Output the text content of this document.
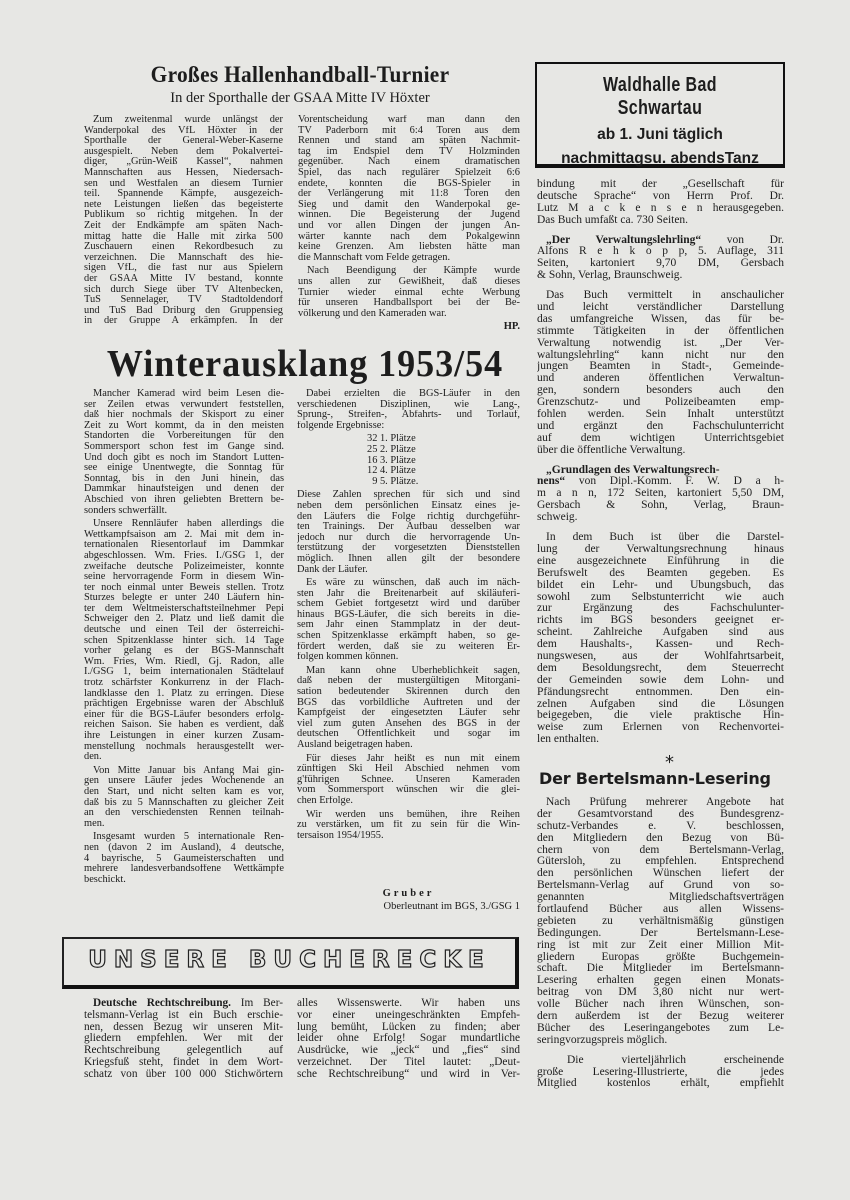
Großes Hallenhandball-Turnier
In der Sporthalle der GSAA Mitte IV Höxter
Zum zweitenmal wurde unlängst der
Wanderpokal des VfL Höxter in der
Sporthalle der General-Weber-Kaserne
ausgespielt. Neben dem Pokalvertei-
diger, „Grün-Weiß Kassel“, nahmen
Mannschaften aus Hessen, Niedersach-
sen und Westfalen an diesem Turnier
teil. Spannende Kämpfe, ausgezeich-
nete Leistungen ließen das begeisterte
Publikum so richtig mitgehen. In der
Zeit der Endkämpfe am späten Nach-
mittag hatte die Halle mit zirka 500
Zuschauern einen Rekordbesuch zu
verzeichnen. Die Mannschaft des hie-
sigen VfL, die fast nur aus Spielern
der GSAA Mitte IV bestand, konnte
sich durch Siege über TV Altenbecken,
TuS Sennelager, TV Stadtoldendorf
und TuS Bad Driburg den Gruppensieg
in der Gruppe A erkämpfen. In der
Vorentscheidung warf man dann den
TV Paderborn mit 6:4 Toren aus dem
Rennen und stand am späten Nachmit-
tag im Endspiel dem TV Holzminden
gegenüber. Nach einem dramatischen
Spiel, das nach regulärer Spielzeit 6:6
endete, konnten die BGS-Spieler in
der Verlängerung mit 11:8 Toren den
Sieg und damit den Wanderpokal ge-
winnen. Die Begeisterung der Jugend
und vor allen Dingen der jungen An-
wärter kannte nach dem Pokalgewinn
keine Grenzen. Am liebsten hätte man
die Mannschaft vom Felde getragen.
Nach Beendigung der Kämpfe wurde
uns allen zur Gewißheit, daß dieses
Turnier wieder einmal echte Werbung
für unseren Handballsport bei der Be-
völkerung und den Kameraden war.
HP.
Waldhalle Bad Schwartau
ab 1. Juni täglich
nachmittagsu. abendsTanz
Winterausklang 1953/54
Mancher Kamerad wird beim Lesen die-
ser Zeilen etwas verwundert feststellen,
daß hier nochmals der Skisport zu einer
Zeit zu Wort kommt, da in den meisten
Standorten die Vorbereitungen für den
Sommersport schon fest im Gange sind.
Und doch gibt es noch im Standort Lutten-
see einige Unentwegte, die Sonntag für
Sonntag, bis in den Juni hinein, das
Dammkar hinaufsteigen und denen der
Abschied von ihren geliebten Brettern be-
sonders schwerfällt.
Unsere Rennläufer haben allerdings die
Wettkampfsaison am 2. Mai mit dem in-
ternationalen Riesentorlauf im Dammkar
abgeschlossen. Wm. Fries. I./GSG 1, der
zweifache deutsche Polizeimeister, konnte
seine hervorragende Form in diesem Win-
ter noch einmal unter Beweis stellen. Trotz
Sturzes belegte er unter 240 Läufern hin-
ter dem Weltmeisterschaftsteilnehmer Pepi
Schweiger den 2. Platz und ließ damit die
deutsche und einen Teil der österreichi-
schen Spitzenklasse hinter sich. 14 Tage
vorher gelang es der BGS-Mannschaft
Wm. Fries, Wm. Riedl, Gj. Radon, alle
I./GSG 1, beim internationalen Städtelauf
trotz schärfster Konkurrenz in der Flach-
landklasse den 1. Platz zu erringen. Diese
prächtigen Ergebnisse waren der Abschluß
einer für die BGS-Läufer besonders erfolg-
reichen Saison. Sie haben es verdient, daß
ihre Leistungen in einer kurzen Zusam-
menstellung nochmals herausgestellt wer-
den.
Von Mitte Januar bis Anfang Mai gin-
gen unsere Läufer jedes Wochenende an
den Start, und nicht selten kam es vor,
daß bis zu 5 Mannschaften zu gleicher Zeit
an den verschiedensten Rennen teilnah-
men.
Insgesamt wurden 5 internationale Ren-
nen (davon 2 im Ausland), 4 deutsche,
4 bayrische, 5 Gaumeisterschaften und
mehrere landesverbandsoffene Wettkämpfe
beschickt.
Dabei erzielten die BGS-Läufer in den
verschiedenen Disziplinen, wie Lang-,
Sprung-, Streifen-, Abfahrts- und Torlauf,
folgende Ergebnisse:
32 1. Plätze
25 2. Plätze
16 3. Plätze
12 4. Plätze
9 5. Plätze.
Diese Zahlen sprechen für sich und sind
neben dem persönlichen Einsatz eines je-
den Läufers die Folge richtig durchgeführ-
ten Trainings. Der Aufbau desselben war
jedoch nur durch die hervorragende Un-
terstützung der vorgesetzten Dienststellen
möglich. Ihnen allen gilt der besondere
Dank der Läufer.
Es wäre zu wünschen, daß auch im näch-
sten Jahr die Breitenarbeit auf skiläuferi-
schem Gebiet fortgesetzt wird und darüber
hinaus BGS-Läufer, die sich bereits in die-
sem Jahr einen Stammplatz in der deut-
schen Spitzenklasse erkämpft haben, so ge-
fördert werden, daß sie zu weiteren Er-
folgen kommen können.
Man kann ohne Überheblichkeit sagen,
daß neben der mustergültigen Mitorgani-
sation bedeutender Skirennen durch den
BGS das vorbildliche Auftreten und der
Kampfgeist der eingesetzten Läufer sehr
viel zum guten Ansehen des BGS in der
deutschen Öffentlichkeit und sogar im
Ausland beigetragen haben.
Für dieses Jahr heißt es nun mit einem
zünftigen Ski Heil Abschied nehmen vom
g'führigen Schnee. Unseren Kameraden
vom Sommersport wünschen wir die glei-
chen Erfolge.
Wir werden uns bemühen, ihre Reihen
zu verstärken, um fit zu sein für die Win-
tersaison 1954/1955.
Gruber
Oberleutnant im BGS, 3./GSG 1
UNSERE BUCHERECKE
Deutsche Rechtschreibung. Im Ber-
telsmann-Verlag ist ein Buch erschie-
nen, dessen Bezug wir unseren Mit-
gliedern empfehlen. Wer mit der
Rechtschreibung gelegentlich auf
Kriegsfuß steht, findet in dem Wort-
schatz von über 100 000 Stichwörtern
alles Wissenswerte. Wir haben uns
vor einer uneingeschränkten Empfeh-
lung bemüht, Lücken zu finden; aber
leider ohne Erfolg! Sogar mundartliche
Ausdrücke, wie „jeck“ und „fies“ sind
verzeichnet. Der Titel lautet: „Deut-
sche Rechtschreibung“ und wird in Ver-
bindung mit der „Gesellschaft für
deutsche Sprache“ von Herrn Prof. Dr.
Lutz M a c k e n s e n herausgegeben.
Das Buch umfaßt ca. 730 Seiten.
„Der Verwaltungslehrling“ von Dr.
Alfons R e h k o p p, 5. Auflage, 311
Seiten, kartoniert 9,70 DM, Gersbach
& Sohn, Verlag, Braunschweig.
Das Buch vermittelt in anschaulicher
und leicht verständlicher Darstellung
das umfangreiche Wissen, das für be-
stimmte Tätigkeiten in der öffentlichen
Verwaltung notwendig ist. „Der Ver-
waltungslehrling“ kann nicht nur den
jungen Beamten in Stadt-, Gemeinde-
und anderen öffentlichen Verwaltun-
gen, sondern besonders auch den
Grenzschutz- und Polizeibeamten emp-
fohlen werden. Sein Inhalt unterstützt
und ergänzt den Fachschulunterricht
auf dem wichtigen Unterrichtsgebiet
über die öffentliche Verwaltung.
„Grundlagen des Verwaltungsrech-
nens“ von Dipl.-Komm. F. W. D a h-
m a n n, 172 Seiten, kartoniert 5,50 DM,
Gersbach & Sohn, Verlag, Braun-
schweig.
In dem Buch ist über die Darstel-
lung der Verwaltungsrechnung hinaus
eine ausgezeichnete Einführung in die
Berufswelt des Beamten gegeben. Es
bildet ein Lehr- und Übungsbuch, das
sowohl zum Selbstunterricht wie auch
zur Ergänzung des Fachschulunter-
richts im BGS besonders geeignet er-
scheint. Zahlreiche Aufgaben sind aus
dem Haushalts-, Kassen- und Rech-
nungswesen, aus der Wohlfahrtsarbeit,
dem Besoldungsrecht, dem Steuerrecht
der Gemeinden sowie dem Lohn- und
Pfändungsrecht entnommen. Den ein-
zelnen Aufgaben sind die Lösungen
beigegeben, die viele praktische Hin-
weise zum Erlernen von Rechenvortei-
len enthalten.
*
Der Bertelsmann-Lesering
Nach Prüfung mehrerer Angebote hat
der Gesamtvorstand des Bundesgrenz-
schutz-Verbandes e. V. beschlossen,
den Mitgliedern den Bezug von Bü-
chern von dem Bertelsmann-Verlag,
Gütersloh, zu empfehlen. Entsprechend
den persönlichen Wünschen liefert der
Bertelsmann-Verlag auf Grund von so-
genannten Mitgliedschaftsverträgen
fortlaufend Bücher aus allen Wissens-
gebieten zu verhältnismäßig günstigen
Bedingungen. Der Bertelsmann-Lese-
ring ist mit zur Zeit einer Million Mit-
gliedern Europas größte Buchgemein-
schaft. Die Mitglieder im Bertelsmann-
Lesering erhalten gegen einen Monats-
beitrag von DM 3,80 nicht nur wert-
volle Bücher nach ihren Wünschen, son-
dern außerdem ist der Bezug weiterer
Bücher des Leseringangebotes zum Le-
seringvorzugspreis möglich.
Die vierteljährlich erscheinende
große Lesering-Illustrierte, die jedes
Mitglied kostenlos erhält, empfiehlt
